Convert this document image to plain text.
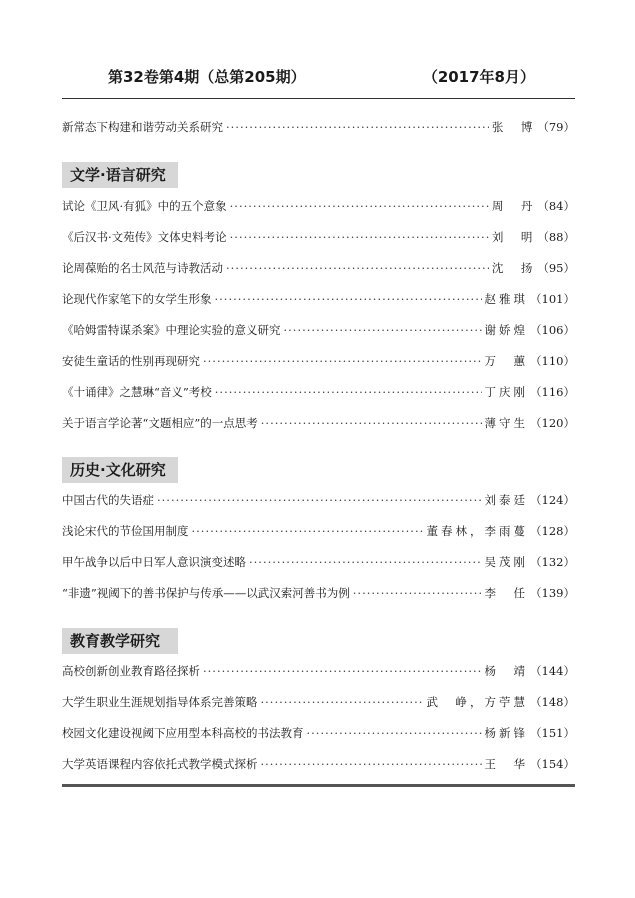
第32卷第4期（总第205期）	（2017年8月）
新常态下构建和谐劳动关系研究 ·····	张　博 （79）
文学·语言研究
试论《卫风·有狐》中的五个意象 ·····	周　丹 （84）
《后汉书·文苑传》文体史料考论 ·····	刘　明 （88）
论周葆贻的名士风范与诗教活动 ·····	沈　扬 （95）
论现代作家笔下的女学生形象 ·····	赵雅琪 （101）
《哈姆雷特谋杀案》中理论实验的意义研究 ·····	谢娇煌 （106）
安徒生童话的性别再现研究 ·····	万　蕙 （110）
《十诵律》之慧琳“音义”考校 ·····	丁庆刚 （116）
关于语言学论著“文题相应”的一点思考 ·····	薄守生 （120）
历史·文化研究
中国古代的失语症 ·····	刘泰廷 （124）
浅论宋代的节俭国用制度 ·····	董春林，李雨蔓 （128）
甲午战争以后中日军人意识演变述略 ·····	吴茂刚 （132）
“非遗”视阈下的善书保护与传承——以武汉索河善书为例 ·····	李　任 （139）
教育教学研究
高校创新创业教育路径探析 ·····	杨　靖 （144）
大学生职业生涯规划指导体系完善策略 ·····	武　峥，方苧慧 （148）
校园文化建设视阈下应用型本科高校的书法教育 ·····	杨新锋 （151）
大学英语课程内容依托式教学模式探析 ·····	王　华 （154）
